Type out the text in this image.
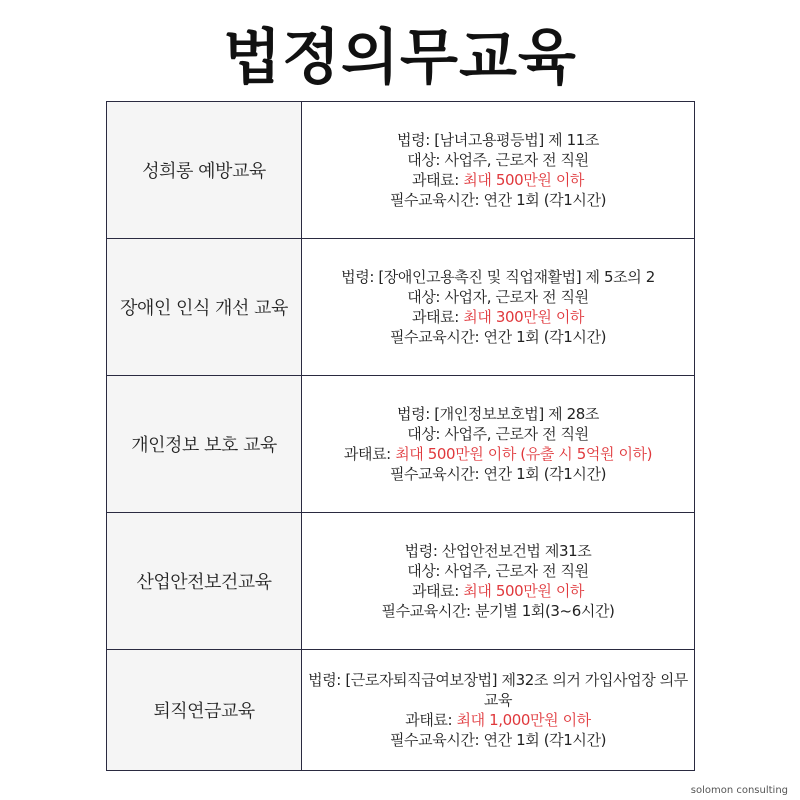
법정의무교육
성희롱 예방교육	법령: [남녀고용평등법] 제 11조
대상: 사업주, 근로자 전 직원
과태료: 최대 500만원 이하
필수교육시간: 연간 1회 (각1시간)

장애인 인식 개선 교육	법령: [장애인고용촉진 및 직업재활법] 제 5조의 2
대상: 사업자, 근로자 전 직원
과태료: 최대 300만원 이하
필수교육시간: 연간 1회 (각1시간)

개인정보 보호 교육	법령: [개인정보보호법] 제 28조
대상: 사업주, 근로자 전 직원
과태료: 최대 500만원 이하 (유출 시 5억원 이하)
필수교육시간: 연간 1회 (각1시간)

산업안전보건교육	법령: 산업안전보건법 제31조
대상: 사업주, 근로자 전 직원
과태료: 최대 500만원 이하
필수교육시간: 분기별 1회(3~6시간)

퇴직연금교육	법령: [근로자퇴직급여보장법] 제32조 의거 가입사업장 의무교육
과태료: 최대 1,000만원 이하
필수교육시간: 연간 1회 (각1시간)
solomon consulting
